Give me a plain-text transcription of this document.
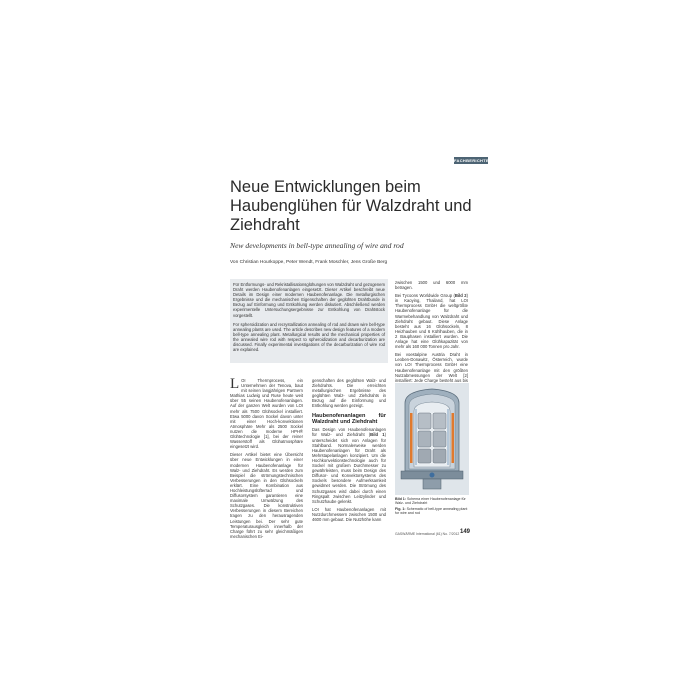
FACHBERICHTE
Neue Entwicklungen beim Haubenglühen für Walzdraht und Ziehdraht
New developments in bell-type annealing of wire and rod
Von Christian Hourkoppe, Peter Wendt, Frank Moschler, Jens Große Berg

Für Entformungs- und Rekristallisationsglühungen von Walzdraht und gezogenem Draht werden Haubenofenanlagen eingesetzt. Dieser Artikel beschreibt neue Details im Design einer modernen Haubenofenanlage. Die metallurgischen Ergebnisse und die mechanischen Eigenschaften der geglühten Drahtbunde in Bezug auf Einformung und Entkohlung werden diskutiert. Abschließend werden experimentelle Untersuchungsergebnisse zur Entkohlung von Drahtstock vorgestellt.

For spheroidization and recrystallization annealing of rod and drawn wire bell-type annealing plants are used. The article describes new design features of a modern bell-type annealing plant. Metallurgical results and the mechanical properties of the annealed wire rod with respect to spheroidization and decarburization are discussed. Finally experimental investigations of the decarburization of wire rod are explained.

LOI Thermprocess, ein Unternehmen der Tenova, baut mit seinen langjährigen Partnern Mathias Ludwig und Ruse heute weit über 55 seinen Haubenofenanlagen. Auf der ganzen Welt wurden von LOI mehr als 7500 Glühsockel installiert. Etwa 5000 davon Sockel davon unter mit einer Hoch-konvektionen Atmosphäre Mehr als 2500 Sockel nutzen die moderne HPH® Glühtechnologie [1], bei der reiner Wasserstoff als Glühatmosphäre eingesetzt wird.

Dieser Artikel bietet eine Übersicht über neue Entwicklungen in einer modernen Haubenofenanlage für Walz- und Ziehdraht. Es werden zum Beispiel die strömungstechnischen Verbesserungen in den Glühsockeln erklärt. Eine Kombination aus Hochleistungslüfterrad und Diffusorsystem garantieren eine maximale Umwälzung des Schutzgases. Die konstruktiven Verbesserungen in diesem Bereichen tragen zu den herausragenden Leistungen bei. Der sehr gute Temperaturausgleich innerhalb der Charge führt zu sehr gleichmäßigen mechanischen Ei-

genschaften des geglühten Walz- und Ziehdrahts. Die erreichten metallurgischen Ergebnisse des geglühten Walz- und Ziehdrahts in Bezug auf die Einformung und Entkohlung werden gezeigt.

Haubenofenanlagen für Walzdraht und Ziehdraht

Das Design von Haubenofenanlagen für Walz- und Ziehdraht (Bild 1) unterscheidet sich von Anlagen für Stahlband. Normalerweise werden Haubenofenanlagen für Draht als Mehrstapelanlagen konzipiert. Um die Hochkonvektionstechnologie auch für Sockel mit großem Durchmesser zu gewährleisten, muss beim Design des Diffusor- und Konvektorsystems des Sockels besondere Aufmerksamkeit gewidmet werden. Die Strömung des Schutzgases wird dabei durch einen Ringspalt zwischen Leitzylinder und Schutzhaube gelenkt.

LOI hat Haubenofenanlagen mit Nutzdurchmessern zwischen 1500 und 4600 mm gebaut. Die Nutzhöhe kann

zwischen 1500 und 6000 mm betragen.

Bei Tycoons Worldwide Group (Bild 2) in Kaoying, Thailand, hat LOI Thermprocess GmbH die weltgrößte Haubenofenanlage für die Warmebehandlung von Walzdraht und Ziehdraht gebaut. Diese Anlage besteht aus 16 Glühsockeln, 8 Heizhauben und 6 Kühlhauben, die in 2 Bauphasen installiert wurden. Die Anlage hat eine Glühkapazität von mehr als 160 000 Tonnen pro Jahr.

Bei voestalpine Austria Draht in Leoben-Donawitz, Österreich, wurde von LOI Thermprocess GmbH eine Haubenofenanlage mit den größten Nutzabmessungen der Welt [2] installiert: Jede Charge besteht aus bis

Bild 1: Schema einer Haubenofenanlage für Walz- und Ziehdraht

Fig. 1: Schematic of bell-type annealing plant for wire and rod

GASWÄRME International (61) No. 7/2012 149
